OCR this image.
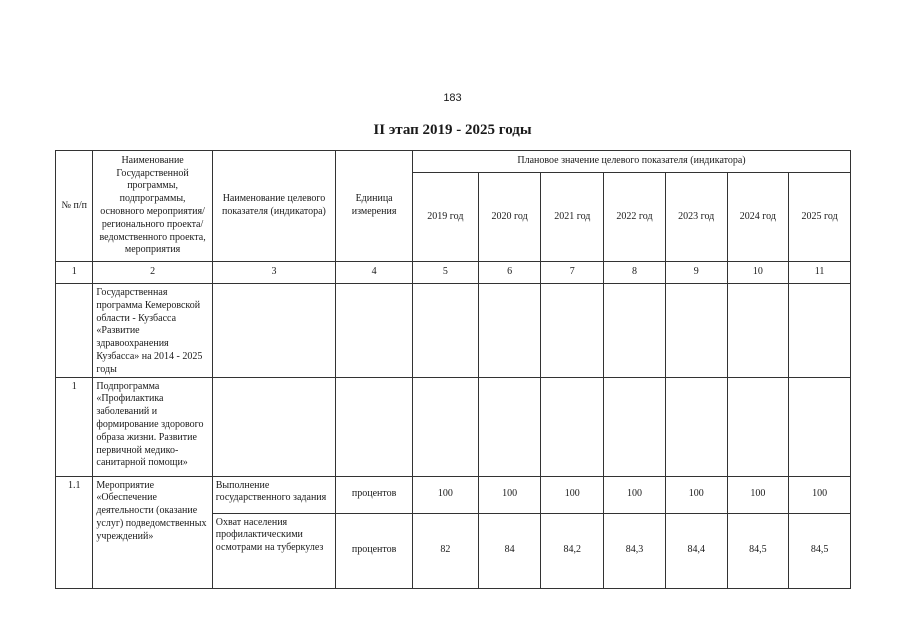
183
II этап 2019 - 2025 годы
№ п/п	Наименование Государственной программы, подпрограммы, основного мероприятия/регионального проекта/ ведомственного проекта, мероприятия	Наименование целевого показателя (индикатора)	Единица измерения	Плановое значение целевого показателя (индикатора)						
				2019 год	2020 год	2021 год	2022 год	2023 год	2024 год	2025 год
1	2	3	4	5	6	7	8	9	10	11
	Государственная программа Кемеровской области - Кузбасса «Развитие здравоохранения Кузбасса» на 2014 - 2025 годы									
1	Подпрограмма «Профилактика заболеваний и формирование здорового образа жизни. Развитие первичной медико-санитарной помощи»									
1.1	Мероприятие «Обеспечение деятельности (оказание услуг) подведомственных учреждений»	Выполнение государственного задания	процентов	100	100	100	100	100	100	100
		Охват населения профилактическими осмотрами на туберкулез	процентов	82	84	84,2	84,3	84,4	84,5	84,5
